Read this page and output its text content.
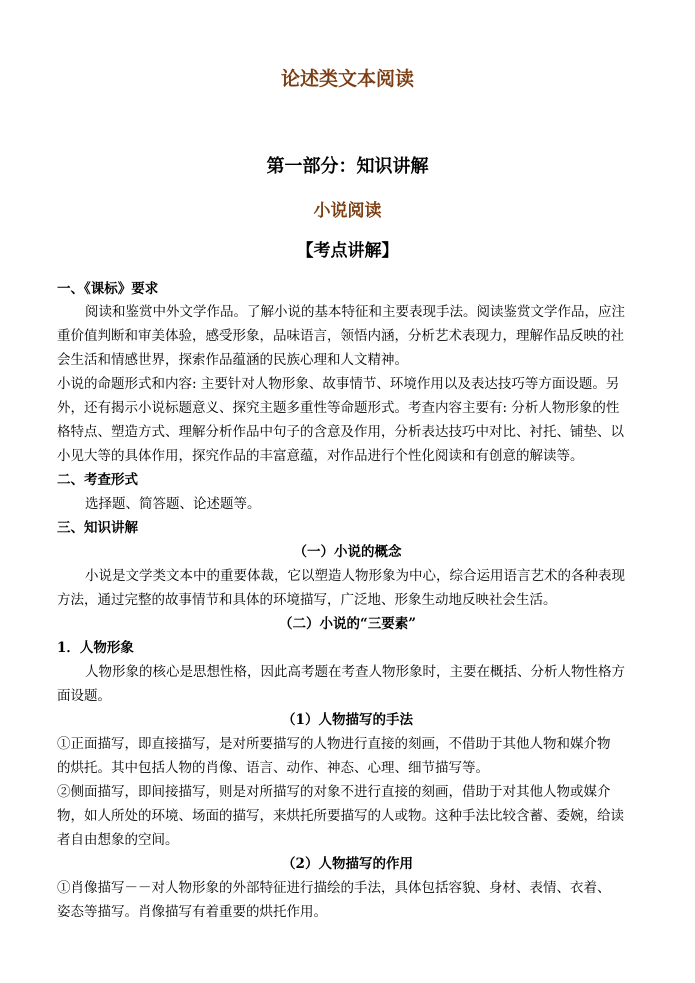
论述类文本阅读
第一部分：知识讲解
小说阅读
【考点讲解】
一、《课标》要求
阅读和鉴赏中外文学作品。了解小说的基本特征和主要表现手法。阅读鉴赏文学作品，应注
重价值判断和审美体验，感受形象，品味语言，领悟内涵，分析艺术表现力，理解作品反映的社
会生活和情感世界，探索作品蕴涵的民族心理和人文精神。
小说的命题形式和内容: 主要针对人物形象、故事情节、环境作用以及表达技巧等方面设题。另
外，还有揭示小说标题意义、探究主题多重性等命题形式。考查内容主要有: 分析人物形象的性
格特点、塑造方式、理解分析作品中句子的含意及作用，分析表达技巧中对比、衬托、铺垫、以
小见大等的具体作用，探究作品的丰富意蕴，对作品进行个性化阅读和有创意的解读等。
二、考查形式
选择题、简答题、论述题等。
三、知识讲解
（一）小说的概念
小说是文学类文本中的重要体裁，它以塑造人物形象为中心，综合运用语言艺术的各种表现
方法，通过完整的故事情节和具体的环境描写，广泛地、形象生动地反映社会生活。
（二）小说的“三要素”
1．人物形象
人物形象的核心是思想性格，因此高考题在考查人物形象时，主要在概括、分析人物性格方
面设题。
（1）人物描写的手法
①正面描写，即直接描写，是对所要描写的人物进行直接的刻画，不借助于其他人物和媒介物
的烘托。其中包括人物的肖像、语言、动作、神态、心理、细节描写等。
②侧面描写，即间接描写，则是对所描写的对象不进行直接的刻画，借助于对其他人物或媒介
物，如人所处的环境、场面的描写，来烘托所要描写的人或物。这种手法比较含蓄、委婉，给读
者自由想象的空间。
（2）人物描写的作用
①肖像描写－－对人物形象的外部特征进行描绘的手法，具体包括容貌、身材、表情、衣着、
姿态等描写。肖像描写有着重要的烘托作用。
